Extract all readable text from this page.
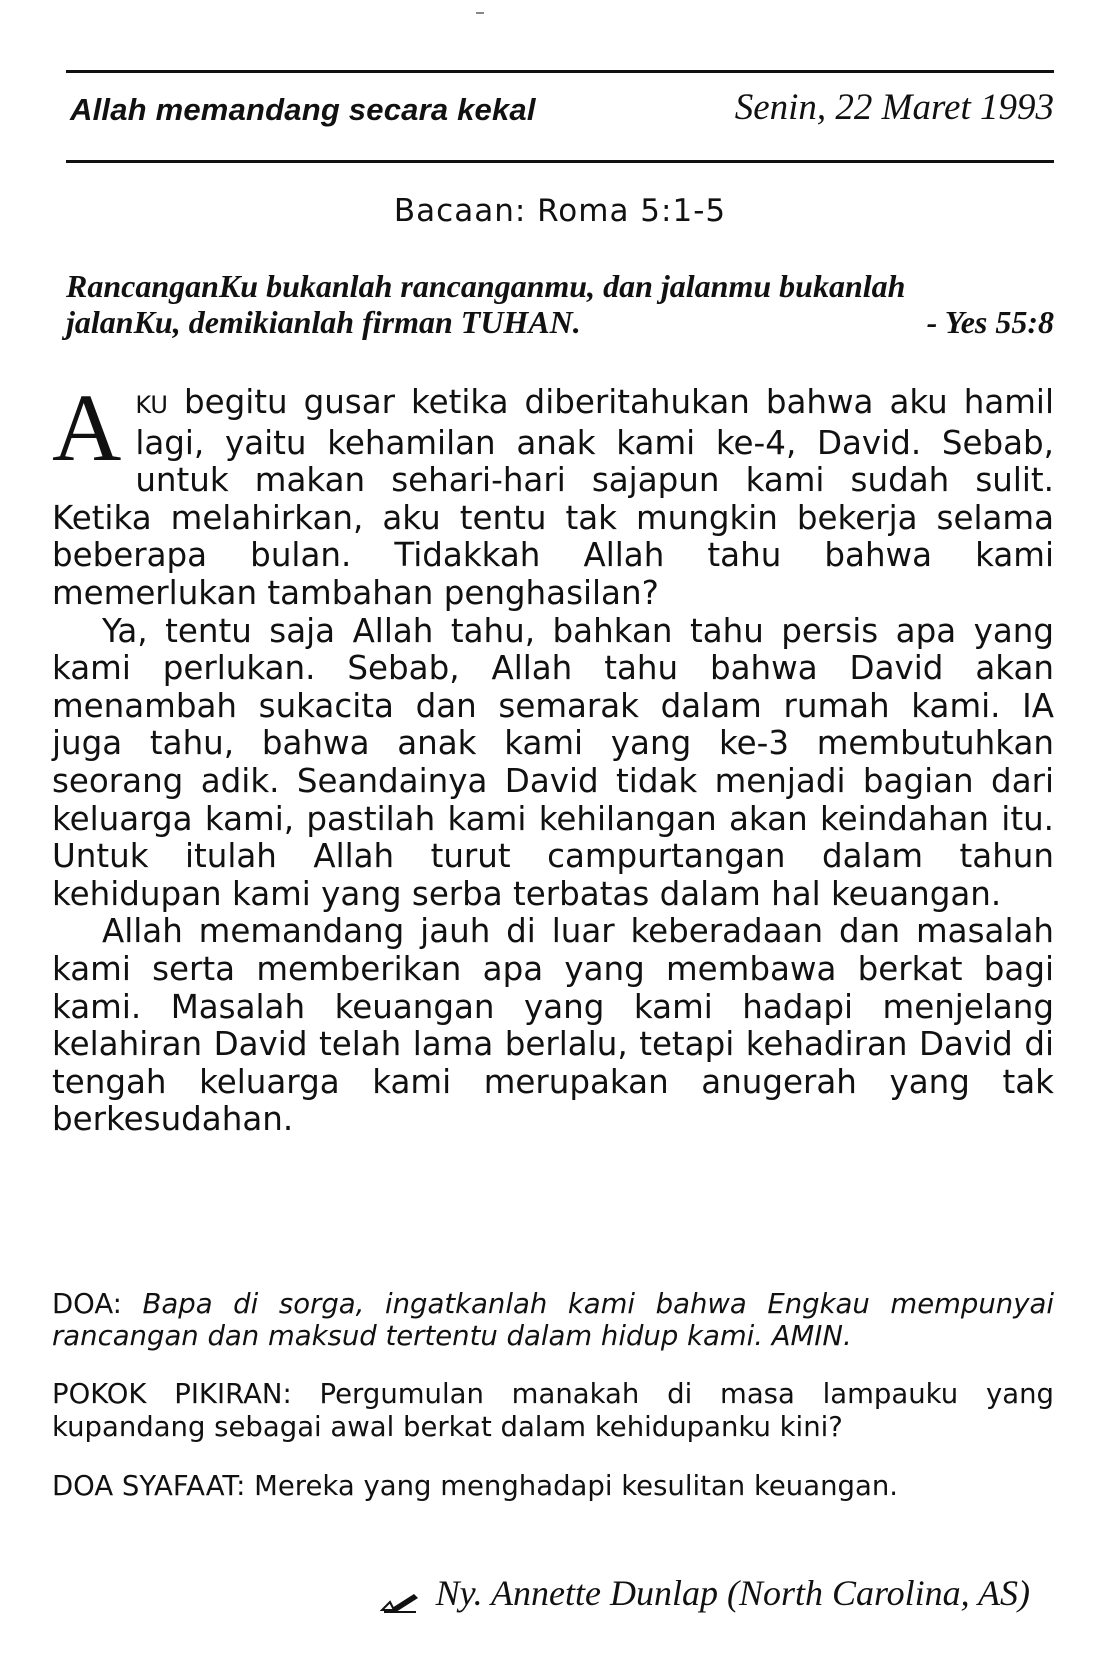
Allah memandang secara kekal	Senin, 22 Maret 1993
Bacaan: Roma 5:1-5
RancanganKu bukanlah rancanganmu, dan jalanmu bukanlah
jalanKu, demikianlah firman TUHAN.	- Yes 55:8

AKU begitu gusar ketika diberitahukan bahwa aku hamil lagi, yaitu kehamilan anak kami ke-4, David. Sebab, untuk makan sehari-hari sajapun kami sudah sulit. Ketika melahirkan, aku tentu tak mungkin bekerja selama beberapa bulan. Tidakkah Allah tahu bahwa kami memerlukan tambahan penghasilan?

Ya, tentu saja Allah tahu, bahkan tahu persis apa yang kami perlukan. Sebab, Allah tahu bahwa David akan menambah sukacita dan semarak dalam rumah kami. IA juga tahu, bahwa anak kami yang ke-3 membutuhkan seorang adik. Seandainya David tidak menjadi bagian dari keluarga kami, pastilah kami kehilangan akan keindahan itu. Untuk itulah Allah turut campurtangan dalam tahun kehidupan kami yang serba terbatas dalam hal keuangan.

Allah memandang jauh di luar keberadaan dan masalah kami serta memberikan apa yang membawa berkat bagi kami. Masalah keuangan yang kami hadapi menjelang kelahiran David telah lama berlalu, tetapi kehadiran David di tengah keluarga kami merupakan anugerah yang tak berkesudahan.

DOA: Bapa di sorga, ingatkanlah kami bahwa Engkau mempunyai rancangan dan maksud tertentu dalam hidup kami. AMIN.
POKOK PIKIRAN: Pergumulan manakah di masa lampauku yang kupandang sebagai awal berkat dalam kehidupanku kini?
DOA SYAFAAT: Mereka yang menghadapi kesulitan keuangan.
Ny. Annette Dunlap (North Carolina, AS)
